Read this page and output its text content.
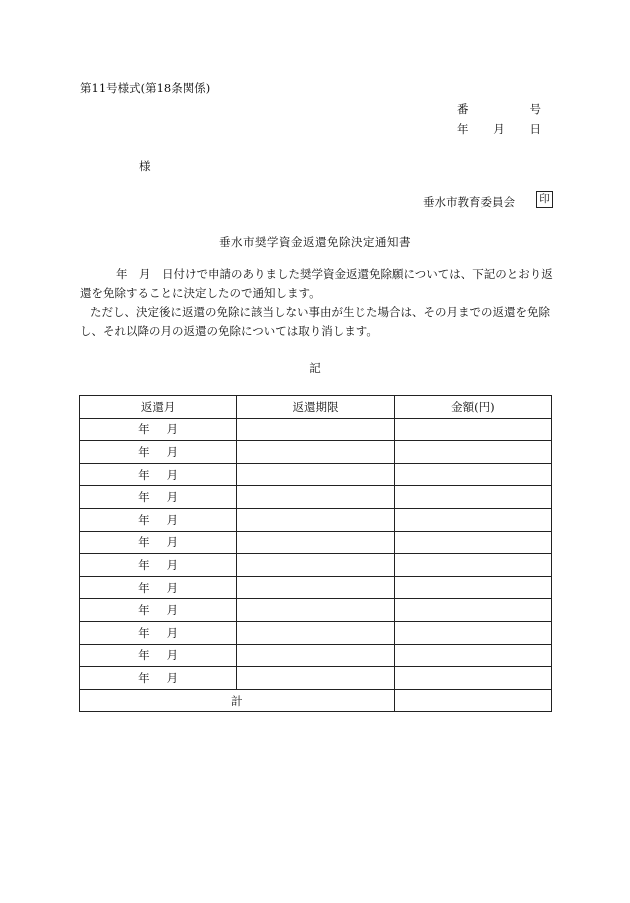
第11号様式(第18条関係)
番	号
年 月 日
様
垂水市教育委員会	印
垂水市奨学資金返還免除決定通知書

年　月　日付けで申請のありました奨学資金返還免除願については、下記のとおり返還を免除することに決定したので通知します。

ただし、決定後に返還の免除に該当しない事由が生じた場合は、その月までの返還を免除し、それ以降の月の返還の免除については取り消します。

記
返還月	返還期限	金額(円)

年 月		

年 月		

年 月		

年 月		

年 月		

年 月		

年 月		

年 月		

年 月		

年 月		

年 月		

年 月		

計		
